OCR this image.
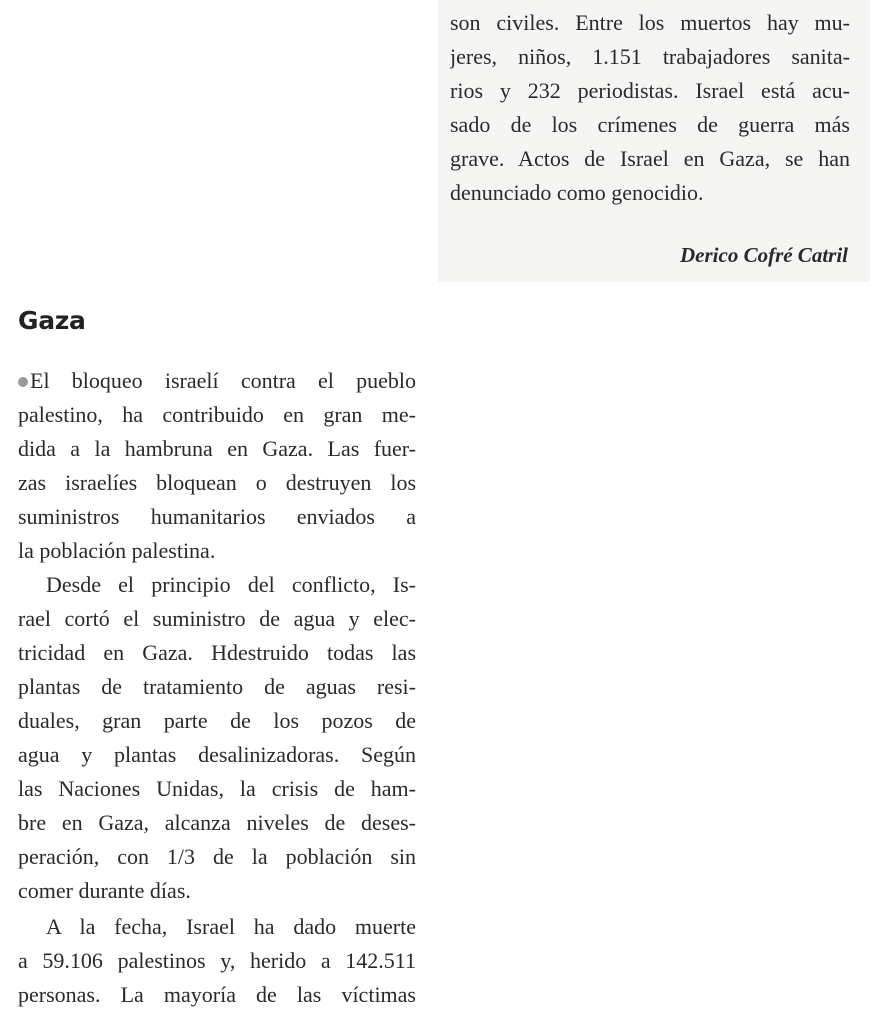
son civiles. Entre los muertos hay mu-
jeres, niños, 1.151 trabajadores sanita-
rios y 232 periodistas. Israel está acu-
sado de los crímenes de guerra más
grave. Actos de Israel en Gaza, se han
denunciado como genocidio.
Derico Cofré Catril
Gaza
El bloqueo israelí contra el pueblo
palestino, ha contribuido en gran me-
dida a la hambruna en Gaza. Las fuer-
zas israelíes bloquean o destruyen los
suministros humanitarios enviados a
la población palestina.
Desde el principio del conflicto, Is-
rael cortó el suministro de agua y elec-
tricidad en Gaza. Hdestruido todas las
plantas de tratamiento de aguas resi-
duales, gran parte de los pozos de
agua y plantas desalinizadoras. Según
las Naciones Unidas, la crisis de ham-
bre en Gaza, alcanza niveles de deses-
peración, con 1/3 de la población sin
comer durante días.
A la fecha, Israel ha dado muerte
a 59.106 palestinos y, herido a 142.511
personas. La mayoría de las víctimas
